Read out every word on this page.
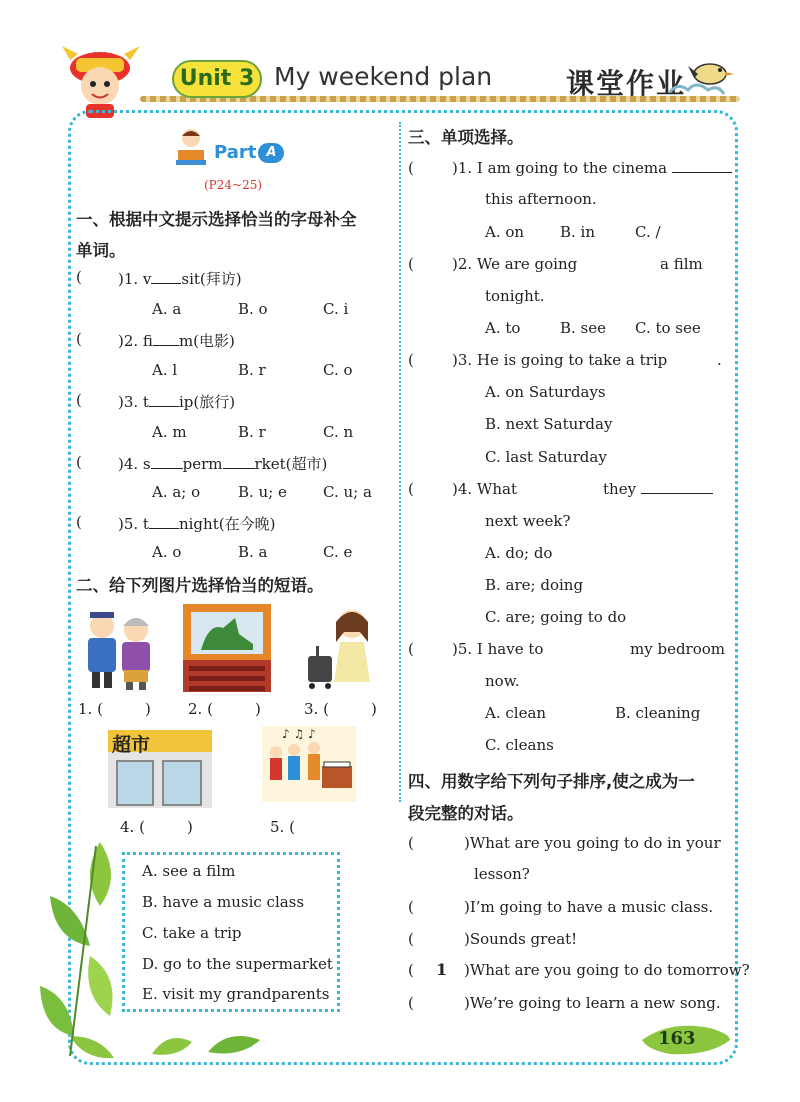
Unit 3 My weekend plan	课堂作业
Part A
(P24~25)
一、根据中文提示选择恰当的字母补全
单词。
( )1. v sit(拜访)
A. a	B. o	C. i
( )2. fi m(电影)
A. l	B. r	C. o
( )3. t ip(旅行)
A. m	B. r	C. n
( )4. s perm rket(超市)
A. a; o	B. u; e C. u; a
( )5. t night(在今晚)
A. o	B. a	C. e
二、给下列图片选择恰当的短语。
1. (	) 2. (	)	3. (	)
超市	♪ ♫ ♪
4. (	)	5. (
A. see a film
B. have a music class
C. take a trip
D. go to the supermarket
E. visit my grandparents
三、单项选择。
(	)1. I am going to the cinema
this afternoon.
A. on B. in	C. /
(	)2. We are going	a film
tonight.
A. to	B. see C. to see
(	)3. He is going to take a trip	.
A. on Saturdays
B. next Saturday
C. last Saturday
(	)4. What	they
next week?
A. do; do
B. are; doing
C. are; going to do
(	)5. I have to	my bedroom
now.
A. clean	B. cleaning
C. cleans
四、用数字给下列句子排序,使之成为一
段完整的对话。
(	)What are you going to do in your
lesson?
(	)I’m going to have a music class.
(	)Sounds great!
( 1 )What are you going to do tomorrow?
(	)We’re going to learn a new song.
163
